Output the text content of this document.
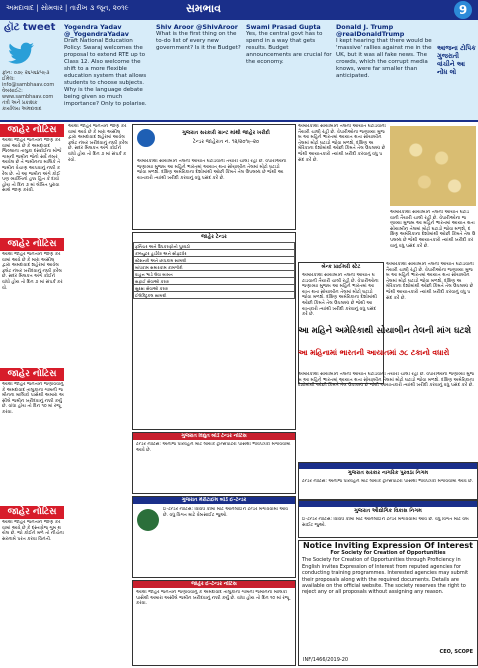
અમદાવાદ | સોમવાર | તારીખ ૩ જૂન, ૨૦૧૯	સમભાવ	9
હૉટ tweet Yogendra Yadav @_YogendraYadav
Draft National Education Policy: Swaraj welcomes the proposal to extend RTE up to Class 12. Also welcome the shift to a more flexible education system that allows students to choose subjects. Why is the language debate being given so much importance? Only to polarise.
Shiv Aroor @ShivAroor
What is the first thing on the to-do list of every new government? Is it the Budget?
Swami Prasad Gupta
Yes, the central govt has to spend in a way that gets results. Budget announcements are crucial for the economy.
Donald J. Trump @realDonaldTrump
I kept hearing that there would be 'massive' rallies against me in the UK, but it was all fake news. The crowds, which the corrupt media knows, were far smaller than anticipated.
આજના ટોપિક ગુજરાતી વાંચીને આ નોંધ લો
ફોન: ૦૭૯ ૨૬૫૬૪૫૯૩ ઈમેલ: info@sambhaav.com વેબસાઈટ: www.sambhaav.com તંત્રી અને પ્રકાશક કાર્યાલય અમદાવાદ
જાહેર નોટિસ
આથી જાહેર જનતાને જાણ કરવામાં આવે છે કે અમદાવાદ જિલ્લાના તાલુકા દસ્ક્રોઈના મોજે ગામની જમીન જેનો સર્વે નંબર આવેલ છે તે જમીનના માલિકે તે જમીન વેચાણ આપવાનું નક્કી કરેલ છે. તો આ જમીન અંગે કોઈ પણ વ્યક્તિનો હક્ક હિત કે દાવો હોય તો દિન ૭ માં લેખિત પુરાવા સાથે જાણ કરવી.
જાહેર નોટિસ
આથી જાહેર જનતાને જાણ કરવામાં આવે છે કે મારા અસીલ દ્વારા અમદાવાદ શહેરમાં આવેલ ફ્લેટ નંબર ખરીદવાનું નક્કી કરેલ છે. સદર મિલકત અંગે કોઈને વાંધો હોય તો દિન ૭ માં સંપર્ક કરવો.
જાહેર નોટિસ
આથી જાહેર જનતાને જણાવવાનું કે અમદાવાદ તાલુકાના ગામની જમીનના માલિકો પાસેથી અમારા અસીલે જમીન ખરીદવાનું નક્કી કર્યું છે. વાંધા હોય તો દિન ૧૦ માં રજૂ કરવા.
જાહેર નોટિસ
આથી જાહેર જનતાને જાણ કરવામાં આવે છે કે દસ્તાવેજ ગુમ થયેલ છે. જો કોઈને મળે તો નીચેના સરનામે પરત કરવા વિનંતી.
આથી જાહેર જનતાને જાણ કરવામાં આવે છે કે મારા અસીલ દ્વારા અમદાવાદ શહેરમાં આવેલ ફ્લેટ નંબર ખરીદવાનું નક્કી કરેલ છે. સદર મિલકત અંગે કોઈને વાંધો હોય તો દિન ૭ માં સંપર્ક કરવો.
ગુજરાત સરકારી ગ્રાન્ટ માંથી જાહેર ખરીદી
ટેન્ડર જાહેરાત નં. ૧૨/૨૦૧૯-૨૦
અમેરિકાથી સોયાબીન તેલની આયાત ઘટાડવાની તૈયારી ચાલી રહી છે. વેપારીઓના જણાવ્યા મુજબ આ મહિને ભારતમાં આયાત થતા સોયાબીન તેલમાં મોટો ઘટાડો જોવા મળશે. દક્ષિણ અમેરિકાના દેશોમાંથી ઓછી કિંમતે તેલ ઉપલબ્ધ છે જેથી આયાતકારો ત્યાંથી ખરીદી કરવાનું વધુ પસંદ કરે છે.
જાહેર ટેન્ડર
ફર્નિચર અને ઉપકરણોનો પુરવઠો
કમ્પ્યુટર હાર્ડવેર અને સોફ્ટવેર
સ્ટેશનરી અને છાપકામ સામગ્રી
બાંધકામ સમારકામ કામગીરી
વાહન ભાડે લેવા બાબત
સફાઈ સેવાઓ કરાર
સુરક્ષા સેવાઓ કરાર
ઈલેક્ટ્રિકલ સામગ્રી
અમેરિકાથી સોયાબીન તેલની આયાત ઘટાડવાની તૈયારી ચાલી રહી છે. વેપારીઓના જણાવ્યા મુજબ આ મહિને ભારતમાં આયાત થતા સોયાબીન તેલમાં મોટો ઘટાડો જોવા મળશે. દક્ષિણ અમેરિકાના દેશોમાંથી ઓછી કિંમતે તેલ ઉપલબ્ધ છે જેથી આયાતકારો ત્યાંથી ખરીદી કરવાનું વધુ પસંદ કરે છે.
અમેરિકાથી સોયાબીન તેલની આયાત ઘટાડવાની તૈયારી ચાલી રહી છે. વેપારીઓના જણાવ્યા મુજબ આ મહિને ભારતમાં આયાત થતા સોયાબીન તેલમાં મોટો ઘટાડો જોવા મળશે. દક્ષિણ અમેરિકાના દેશોમાંથી ઓછી કિંમતે તેલ ઉપલબ્ધ છે જેથી આયાતકારો ત્યાંથી ખરીદી કરવાનું વધુ પસંદ કરે છે.
બેન્ક પ્રાઈમરી સ્ટેટ
અમેરિકાથી સોયાબીન તેલની આયાત ઘટાડવાની તૈયારી ચાલી રહી છે. વેપારીઓના જણાવ્યા મુજબ આ મહિને ભારતમાં આયાત થતા સોયાબીન તેલમાં મોટો ઘટાડો જોવા મળશે. દક્ષિણ અમેરિકાના દેશોમાંથી ઓછી કિંમતે તેલ ઉપલબ્ધ છે જેથી આયાતકારો ત્યાંથી ખરીદી કરવાનું વધુ પસંદ કરે છે.
અમેરિકાથી સોયાબીન તેલની આયાત ઘટાડવાની તૈયારી ચાલી રહી છે. વેપારીઓના જણાવ્યા મુજબ આ મહિને ભારતમાં આયાત થતા સોયાબીન તેલમાં મોટો ઘટાડો જોવા મળશે. દક્ષિણ અમેરિકાના દેશોમાંથી ઓછી કિંમતે તેલ ઉપલબ્ધ છે જેથી આયાતકારો ત્યાંથી ખરીદી કરવાનું વધુ પસંદ કરે છે.
આ મહિને અમેરિકાથી સોયાબીન તેલની માંગ ઘટશે
આ મહિનામાં ભારતની આયાતમાં ૭૮ ટકાનો વધારો
અમેરિકાથી સોયાબીન તેલની આયાત ઘટાડવાની તૈયારી ચાલી રહી છે. વેપારીઓના જણાવ્યા મુજબ આ મહિને ભારતમાં આયાત થતા સોયાબીન તેલમાં મોટો ઘટાડો જોવા મળશે. દક્ષિણ અમેરિકાના દેશોમાંથી ઓછી કિંમતે તેલ ઉપલબ્ધ છે જેથી આયાતકારો ત્યાંથી ખરીદી કરવાનું વધુ પસંદ કરે છે.
ગુજરાત સરકાર નાગરિક પુરવઠા નિગમ
ટેન્ડર નોટિસ: અનાજ પરિવહન માટે લાયક ટ્રાન્સપોર્ટરો પાસેથી ભાવપત્રકો મંગાવવામાં આવે છે.
ગુજરાત ઔદ્યોગિક વિકાસ નિગમ
ઈ-ટેન્ડર નોટિસ: વિવિધ કામો માટે ઓનલાઈન ટેન્ડર મંગાવવામાં આવે છે. વધુ વિગત માટે વેબસાઈટ જુઓ.
Notice Inviting Expression Of Interest
For Society for Creation of Opportunities
The Society for Creation of Opportunities through Proficiency in English invites Expression of Interest from reputed agencies for conducting training programmes. Interested agencies may submit their proposals along with the required documents. Details are available on the official website. The society reserves the right to reject any or all proposals without assigning any reason.
CEO, SCOPE
INF/1466/2019-20
ગુજરાત વિદ્યુત બોર્ડ ટેન્ડર નોટિસ
ટેન્ડર નોટિસ: અનાજ પરિવહન માટે લાયક ટ્રાન્સપોર્ટરો પાસેથી ભાવપત્રકો મંગાવવામાં આવે છે.
ગુજરાત મેરીટાઈમ બોર્ડ ઈ-ટેન્ડર
ઈ-ટેન્ડર નોટિસ: વિવિધ કામો માટે ઓનલાઈન ટેન્ડર મંગાવવામાં આવે છે. વધુ વિગત માટે વેબસાઈટ જુઓ.
જાહેર ઈ-ટેન્ડર નોટિસ
આથી જાહેર જનતાને જણાવવાનું કે અમદાવાદ તાલુકાના ગામની જમીનના માલિકો પાસેથી અમારા અસીલે જમીન ખરીદવાનું નક્કી કર્યું છે. વાંધા હોય તો દિન ૧૦ માં રજૂ કરવા.
